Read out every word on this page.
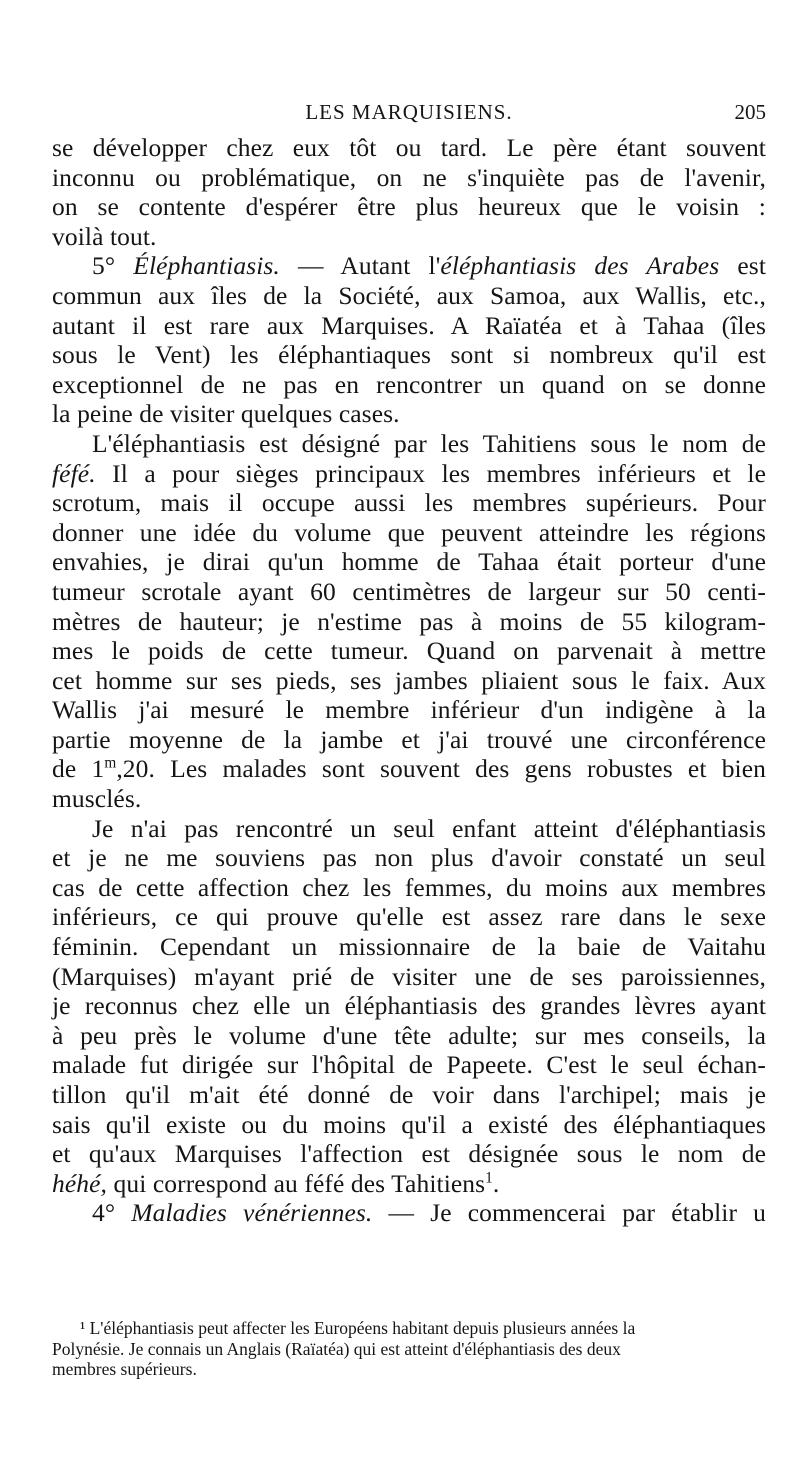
LES MARQUISIENS.	205
se développer chez eux tôt ou tard. Le père étant souvent
inconnu ou problématique, on ne s'inquiète pas de l'avenir,
on se contente d'espérer être plus heureux que le voisin :
voilà tout.
5° Éléphantiasis. — Autant l'éléphantiasis des Arabes est
commun aux îles de la Société, aux Samoa, aux Wallis, etc.,
autant il est rare aux Marquises. A Raïatéa et à Tahaa (îles
sous le Vent) les éléphantiaques sont si nombreux qu'il est
exceptionnel de ne pas en rencontrer un quand on se donne
la peine de visiter quelques cases.
L'éléphantiasis est désigné par les Tahitiens sous le nom de
féfé. Il a pour sièges principaux les membres inférieurs et le
scrotum, mais il occupe aussi les membres supérieurs. Pour
donner une idée du volume que peuvent atteindre les régions
envahies, je dirai qu'un homme de Tahaa était porteur d'une
tumeur scrotale ayant 60 centimètres de largeur sur 50 centi-
mètres de hauteur; je n'estime pas à moins de 55 kilogram-
mes le poids de cette tumeur. Quand on parvenait à mettre
cet homme sur ses pieds, ses jambes pliaient sous le faix. Aux
Wallis j'ai mesuré le membre inférieur d'un indigène à la
partie moyenne de la jambe et j'ai trouvé une circonférence
de 1$^m$,20. Les malades sont souvent des gens robustes et bien
musclés.
Je n'ai pas rencontré un seul enfant atteint d'éléphantiasis
et je ne me souviens pas non plus d'avoir constaté un seul
cas de cette affection chez les femmes, du moins aux membres
inférieurs, ce qui prouve qu'elle est assez rare dans le sexe
féminin. Cependant un missionnaire de la baie de Vaitahu
(Marquises) m'ayant prié de visiter une de ses paroissiennes,
je reconnus chez elle un éléphantiasis des grandes lèvres ayant
à peu près le volume d'une tête adulte; sur mes conseils, la
malade fut dirigée sur l'hôpital de Papeete. C'est le seul échan-
tillon qu'il m'ait été donné de voir dans l'archipel; mais je
sais qu'il existe ou du moins qu'il a existé des éléphantiaques
et qu'aux Marquises l'affection est désignée sous le nom de
héhé, qui correspond au féfé des Tahitiens$^1$.
4° Maladies vénériennes. — Je commencerai par établir u
¹ L'éléphantiasis peut affecter les Européens habitant depuis plusieurs années la
Polynésie. Je connais un Anglais (Raïatéa) qui est atteint d'éléphantiasis des deux
membres supérieurs.
